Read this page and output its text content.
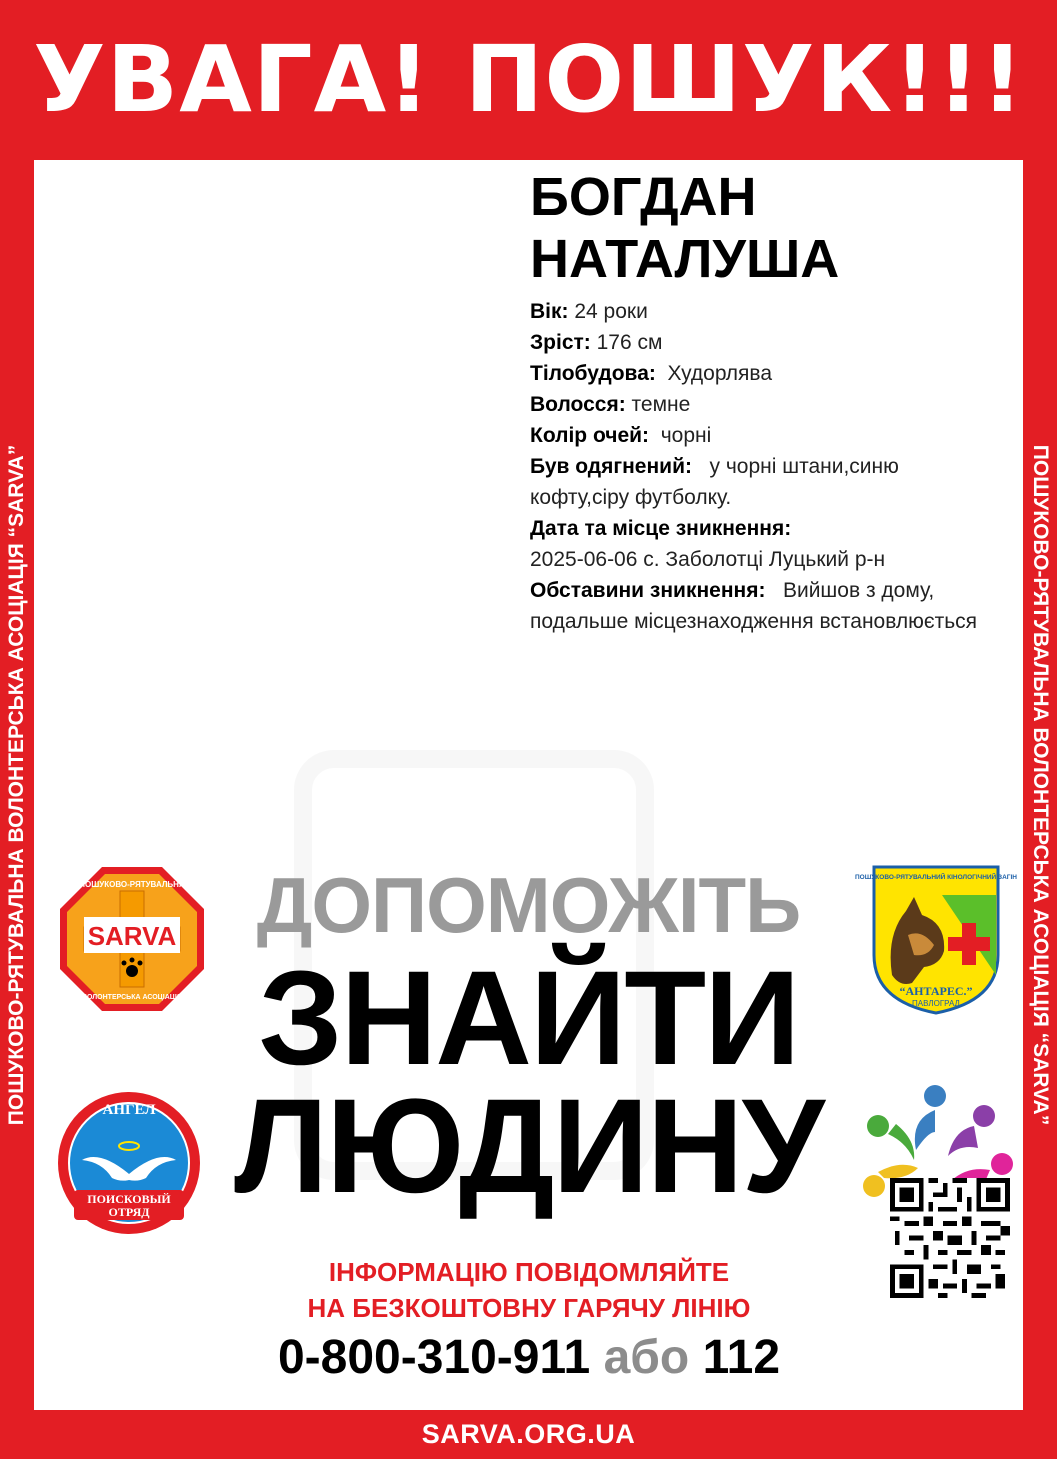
УВАГА! ПОШУК!!!
ПОШУКОВО-РЯТУВАЛЬНА ВОЛОНТЕРСЬКА АСОЦІАЦІЯ “SARVA”	ПОШУКОВО-РЯТУВАЛЬНА ВОЛОНТЕРСЬКА АСОЦІАЦІЯ “SARVA”
БОГДАН
НАТАЛУША
Вік: 24 роки
Зріст: 176 см
Тілобудова: Худорлява
Волосся: темне
Колір очей: чорні
Був одягнений: у чорні штани,синю кофту,сіру футболку.
Дата та місце зникнення:
2025-06-06 с. Заболотці Луцький р-н
Обставини зникнення: Вийшов з дому, подальше місцезнаходження встановлюється
ДОПОМОЖІТЬ
ЗНАЙТИ
ЛЮДИНУ
SARVA
ПОШУКОВО-РЯТУВАЛЬНА
ВОЛОНТЕРСЬКА АСОЦІАЦІЯ
ПОШУКОВО-РЯТУВАЛЬНИЙ КІНОЛОГІЧНИЙ ЗАГІН
“АНТАРЕС.”
ПАВЛОГРАД
АНГЕЛ
ПОИСКОВЫЙ
ОТРЯД
ІНФОРМАЦІЮ ПОВІДОМЛЯЙТЕ
НА БЕЗКОШТОВНУ ГАРЯЧУ ЛІНІЮ
0-800-310-911 або 112
SARVA.ORG.UA
